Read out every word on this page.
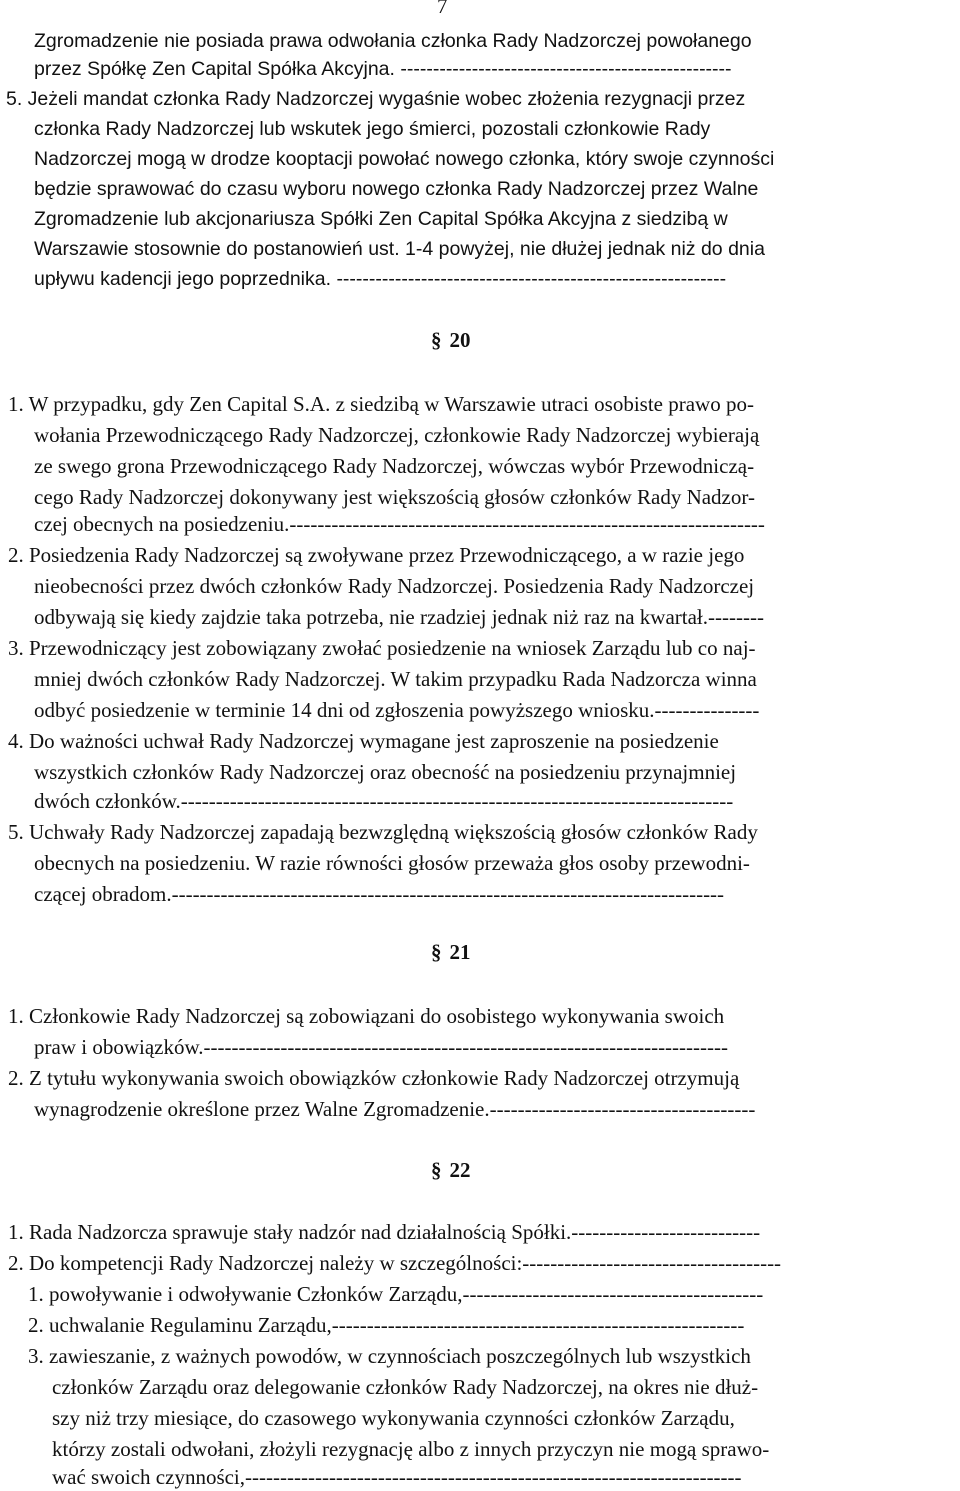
7
Zgromadzenie nie posiada prawa odwołania członka Rady Nadzorczej powołanego
przez Spółkę Zen Capital Spółka Akcyjna. ---------------------------------------------------
5. Jeżeli mandat członka Rady Nadzorczej wygaśnie wobec złożenia rezygnacji przez
członka Rady Nadzorczej lub wskutek jego śmierci, pozostali członkowie Rady
Nadzorczej mogą w drodze kooptacji powołać nowego członka, który swoje czynności
będzie sprawować do czasu wyboru nowego członka Rady Nadzorczej przez Walne
Zgromadzenie lub akcjonariusza Spółki Zen Capital Spółka Akcyjna z siedzibą w
Warszawie stosownie do postanowień ust. 1-4 powyżej, nie dłużej jednak niż do dnia
upływu kadencji jego poprzednika. ------------------------------------------------------------
§ 20
1. W przypadku, gdy Zen Capital S.A. z siedzibą w Warszawie utraci osobiste prawo po-
wołania Przewodniczącego Rady Nadzorczej, członkowie Rady Nadzorczej wybierają
ze swego grona Przewodniczącego Rady Nadzorczej, wówczas wybór Przewodniczą-
cego Rady Nadzorczej dokonywany jest większością głosów członków Rady Nadzor-
czej obecnych na posiedzeniu.--------------------------------------------------------------------
2. Posiedzenia Rady Nadzorczej są zwoływane przez Przewodniczącego, a w razie jego
nieobecności przez dwóch członków Rady Nadzorczej. Posiedzenia Rady Nadzorczej
odbywają się kiedy zajdzie taka potrzeba, nie rzadziej jednak niż raz na kwartał.--------
3. Przewodniczący jest zobowiązany zwołać posiedzenie na wniosek Zarządu lub co naj-
mniej dwóch członków Rady Nadzorczej. W takim przypadku Rada Nadzorcza winna
odbyć posiedzenie w terminie 14 dni od zgłoszenia powyższego wniosku.---------------
4. Do ważności uchwał Rady Nadzorczej wymagane jest zaproszenie na posiedzenie
wszystkich członków Rady Nadzorczej oraz obecność na posiedzeniu przynajmniej
dwóch członków.-------------------------------------------------------------------------------
5. Uchwały Rady Nadzorczej zapadają bezwzględną większością głosów członków Rady
obecnych na posiedzeniu. W razie równości głosów przeważa głos osoby przewodni-
czącej obradom.-------------------------------------------------------------------------------
§ 21
1. Członkowie Rady Nadzorczej są zobowiązani do osobistego wykonywania swoich
praw i obowiązków.---------------------------------------------------------------------------
2. Z tytułu wykonywania swoich obowiązków członkowie Rady Nadzorczej otrzymują
wynagrodzenie określone przez Walne Zgromadzenie.--------------------------------------
§ 22
1. Rada Nadzorcza sprawuje stały nadzór nad działalnością Spółki.---------------------------
2. Do kompetencji Rady Nadzorczej należy w szczególności:-------------------------------------
1. powoływanie i odwoływanie Członków Zarządu,-------------------------------------------
2. uchwalanie Regulaminu Zarządu,-----------------------------------------------------------
3. zawieszanie, z ważnych powodów, w czynnościach poszczególnych lub wszystkich
członków Zarządu oraz delegowanie członków Rady Nadzorczej, na okres nie dłuż-
szy niż trzy miesiące, do czasowego wykonywania czynności członków Zarządu,
którzy zostali odwołani, złożyli rezygnację albo z innych przyczyn nie mogą sprawo-
wać swoich czynności,-----------------------------------------------------------------------
